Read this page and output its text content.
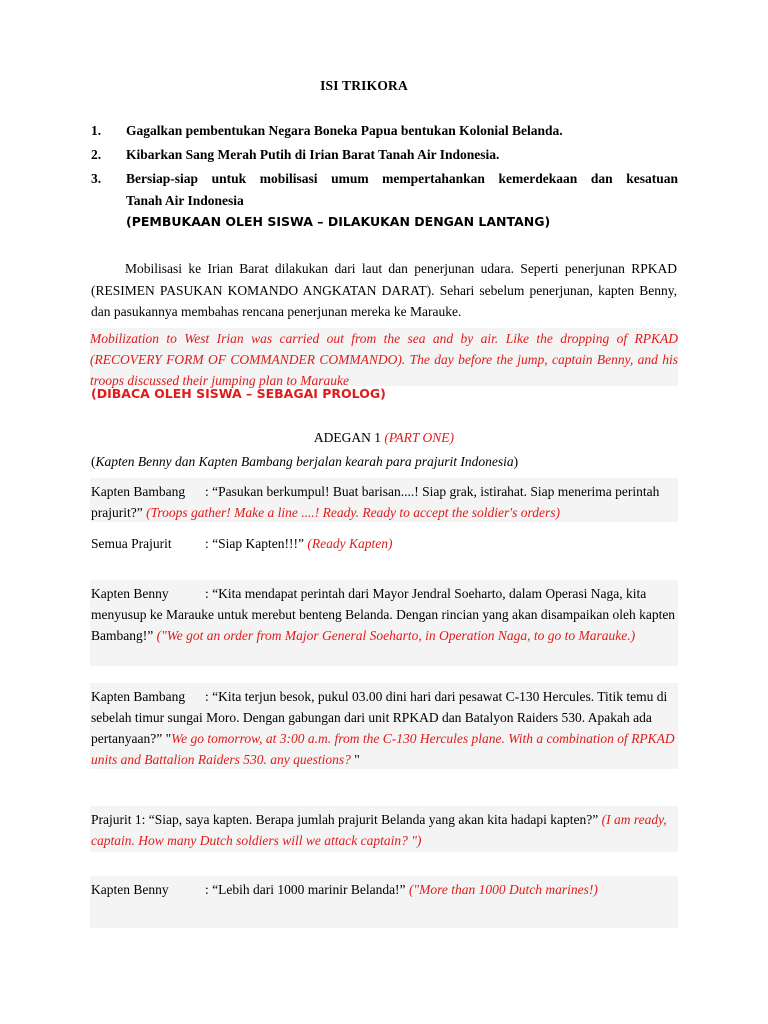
ISI TRIKORA
1. Gagalkan pembentukan Negara Boneka Papua bentukan Kolonial Belanda.
2. Kibarkan Sang Merah Putih di Irian Barat Tanah Air Indonesia.
3. Bersiap-siap untuk mobilisasi umum mempertahankan kemerdekaan dan kesatuan
Tanah Air Indonesia
(PEMBUKAAN OLEH SISWA – DILAKUKAN DENGAN LANTANG)
Mobilisasi ke Irian Barat dilakukan dari laut dan penerjunan udara. Seperti penerjunan RPKAD (RESIMEN PASUKAN KOMANDO ANGKATAN DARAT). Sehari sebelum penerjunan, kapten Benny, dan pasukannya membahas rencana penerjunan mereka ke Marauke.
Mobilization to West Irian was carried out from the sea and by air. Like the dropping of RPKAD (RECOVERY FORM OF COMMANDER COMMANDO). The day before the jump, captain Benny, and his troops discussed their jumping plan to Marauke
(DIBACA OLEH SISWA – SEBAGAI PROLOG)
ADEGAN 1 (PART ONE)
(Kapten Benny dan Kapten Bambang berjalan kearah para prajurit Indonesia)
Kapten Bambang : “Pasukan berkumpul! Buat barisan....! Siap grak, istirahat. Siap menerima perintah prajurit?” (Troops gather! Make a line ....! Ready. Ready to accept the soldier's orders)
Semua Prajurit : “Siap Kapten!!!” (Ready Kapten)
Kapten Benny	: “Kita mendapat perintah dari Mayor Jendral Soeharto, dalam Operasi Naga, kita menyusup ke Marauke untuk merebut benteng Belanda. Dengan rincian yang akan disampaikan oleh kapten Bambang!” ("We got an order from Major General Soeharto, in Operation Naga, to go to Marauke.)
Kapten Bambang : “Kita terjun besok, pukul 03.00 dini hari dari pesawat C-130 Hercules. Titik temu di sebelah timur sungai Moro. Dengan gabungan dari unit RPKAD dan Batalyon Raiders 530. Apakah ada pertanyaan?” "We go tomorrow, at 3:00 a.m. from the C-130 Hercules plane. With a combination of RPKAD units and Battalion Raiders 530. any questions? "
Prajurit 1: “Siap, saya kapten. Berapa jumlah prajurit Belanda yang akan kita hadapi kapten?” (I am ready, captain. How many Dutch soldiers will we attack captain? ")
Kapten Benny	: “Lebih dari 1000 marinir Belanda!” ("More than 1000 Dutch marines!)
